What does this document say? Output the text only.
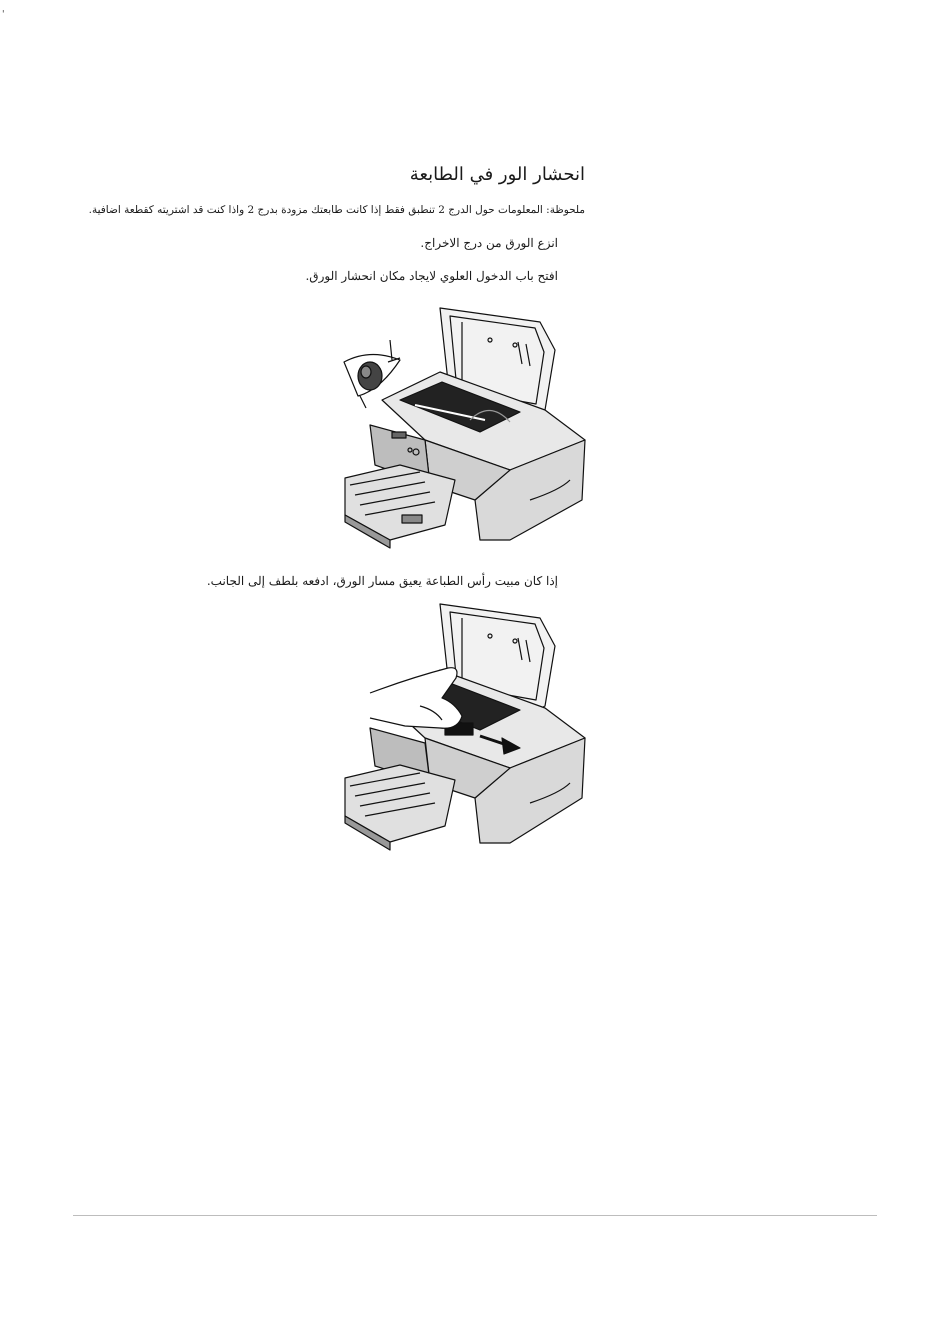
'
انحشار الور في الطابعة
ملحوظة: المعلومات حول الدرج 2 تنطبق فقط إذا كانت طابعتك مزودة بدرج 2 واذا كنت قد اشتريته كقطعة اضافية.
انزع الورق من درج الاخراج.
افتح باب الدخول العلوي لايجاد مكان انحشار الورق.
إذا كان مبيت رأس الطباعة يعيق مسار الورق، ادفعه بلطف إلى الجانب.
